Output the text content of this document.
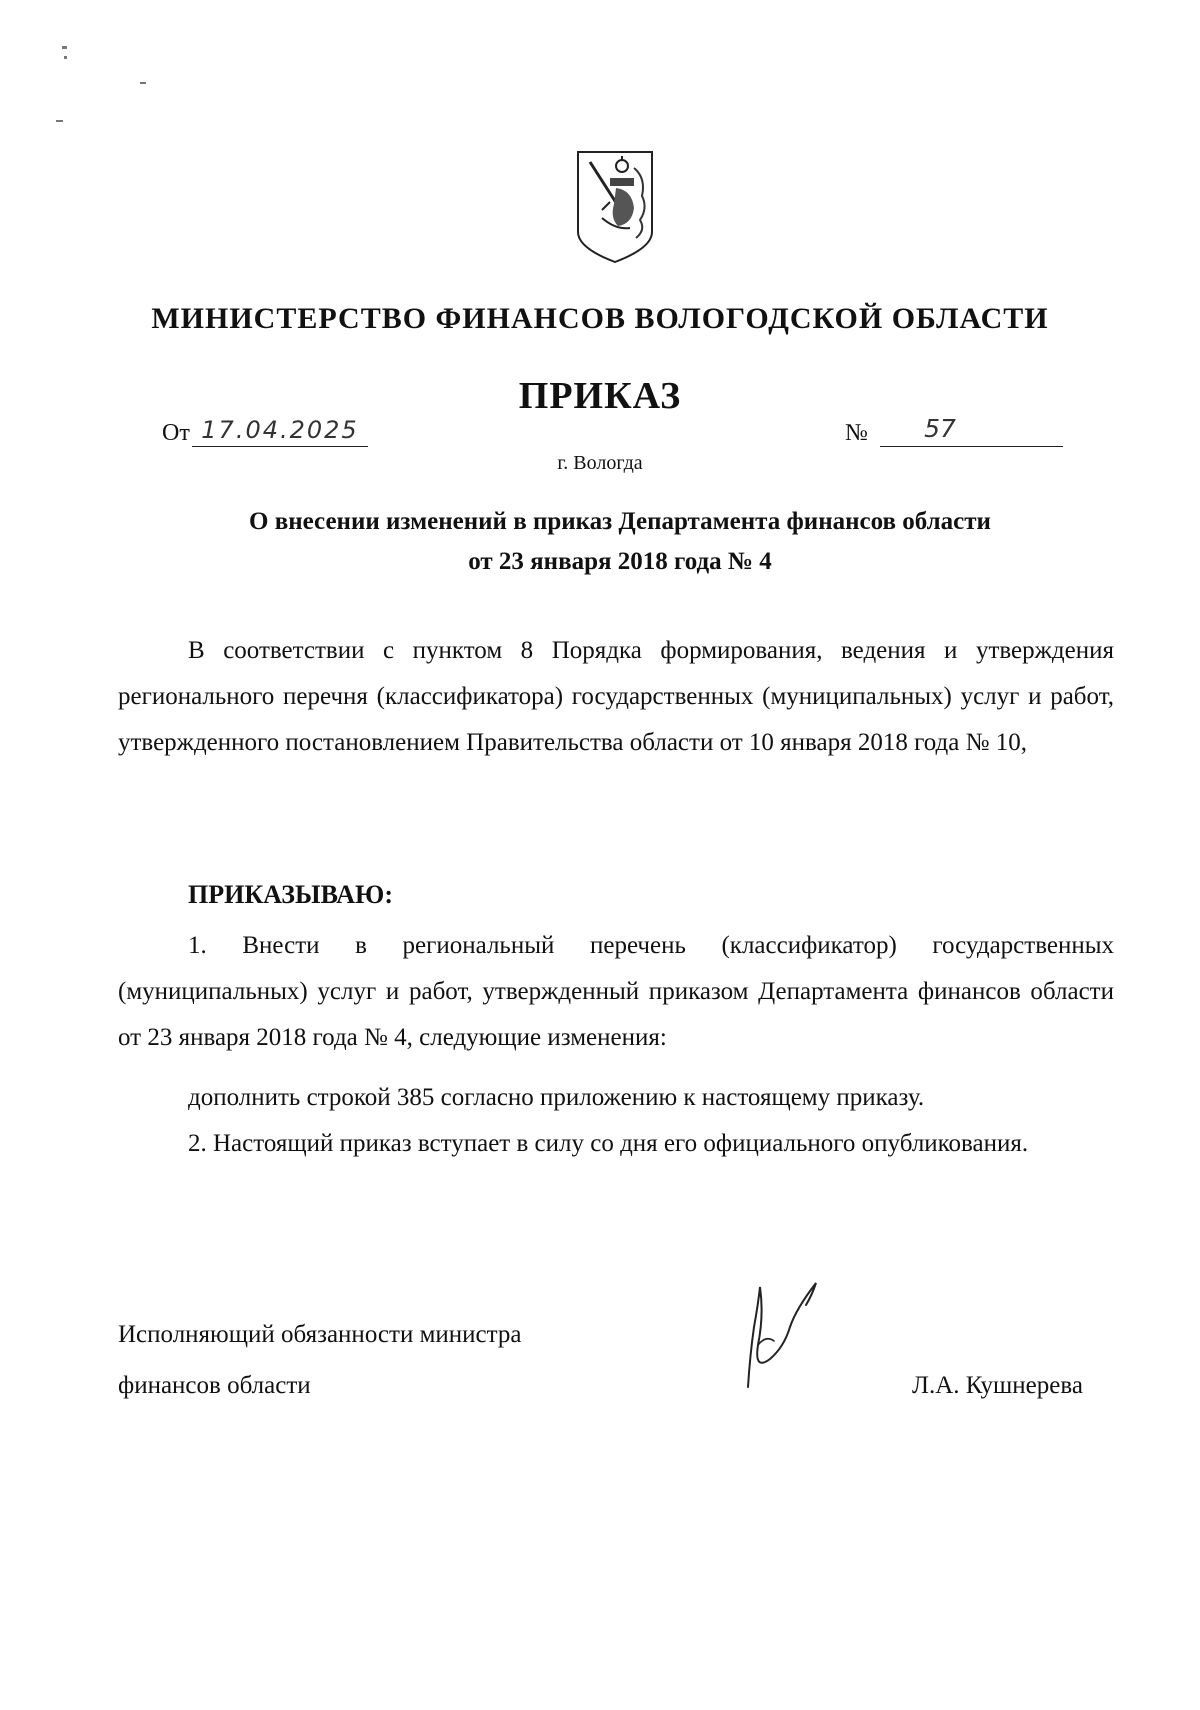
МИНИСТЕРСТВО ФИНАНСОВ ВОЛОГОДСКОЙ ОБЛАСТИ
ПРИКАЗ
От 17.04.2025	№	57
г. Вологда
О внесении изменений в приказ Департамента финансов области
от 23 января 2018 года № 4
В соответствии с пунктом 8 Порядка формирования, ведения и утверждения регионального перечня (классификатора) государственных (муниципальных) услуг и работ, утвержденного постановлением Правительства области от 10 января 2018 года № 10,
ПРИКАЗЫВАЮ:
1. Внести в региональный перечень (классификатор) государственных (муниципальных) услуг и работ, утвержденный приказом Департамента финансов области от 23 января 2018 года № 4, следующие изменения:
дополнить строкой 385 согласно приложению к настоящему приказу.
2. Настоящий приказ вступает в силу со дня его официального опубликования.
Исполняющий обязанности министра
финансов области	Л.А. Кушнерева
